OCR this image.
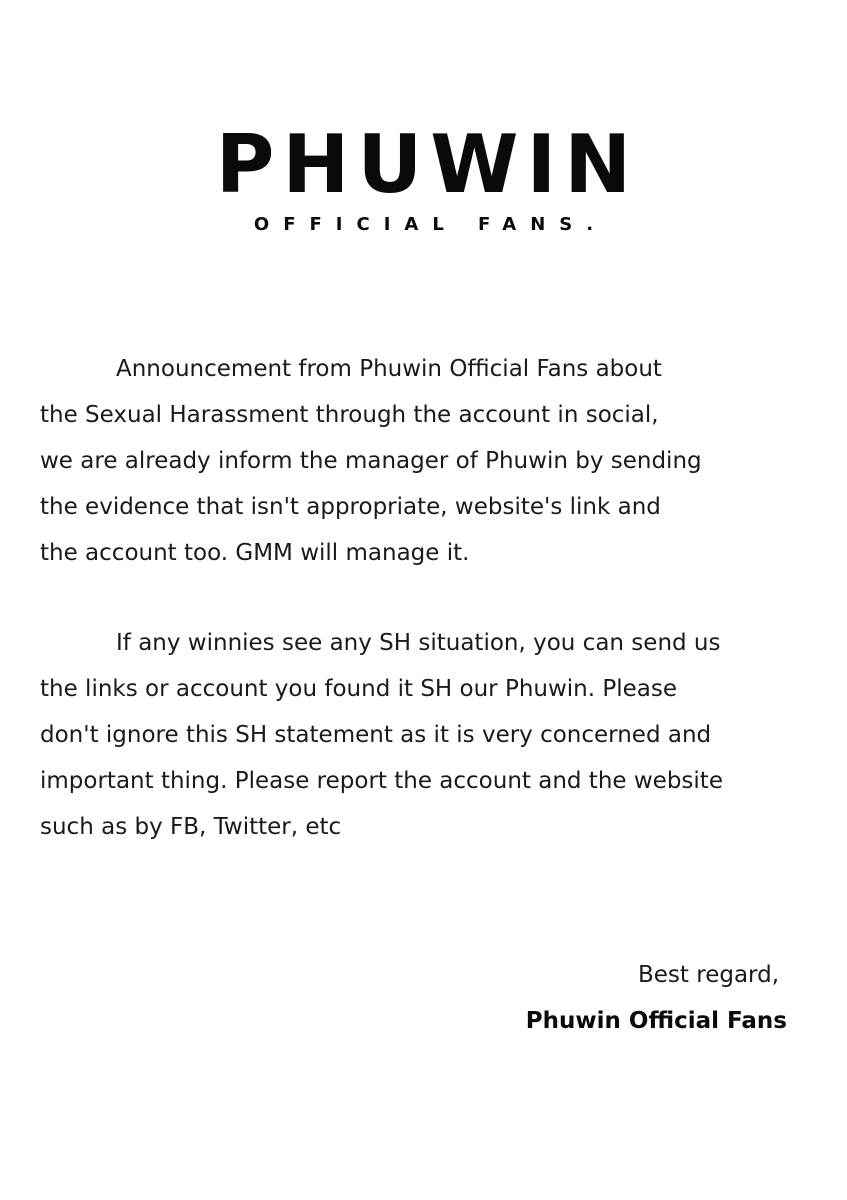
PHUWIN
OFFICIAL FANS.

Announcement from Phuwin Official Fans about
the Sexual Harassment through the account in social,
we are already inform the manager of Phuwin by sending
the evidence that isn't appropriate, website's link and
the account too. GMM will manage it.

If any winnies see any SH situation, you can send us
the links or account you found it SH our Phuwin. Please
don't ignore this SH statement as it is very concerned and
important thing. Please report the account and the website
such as by FB, Twitter, etc

Best regard,
Phuwin Official Fans
